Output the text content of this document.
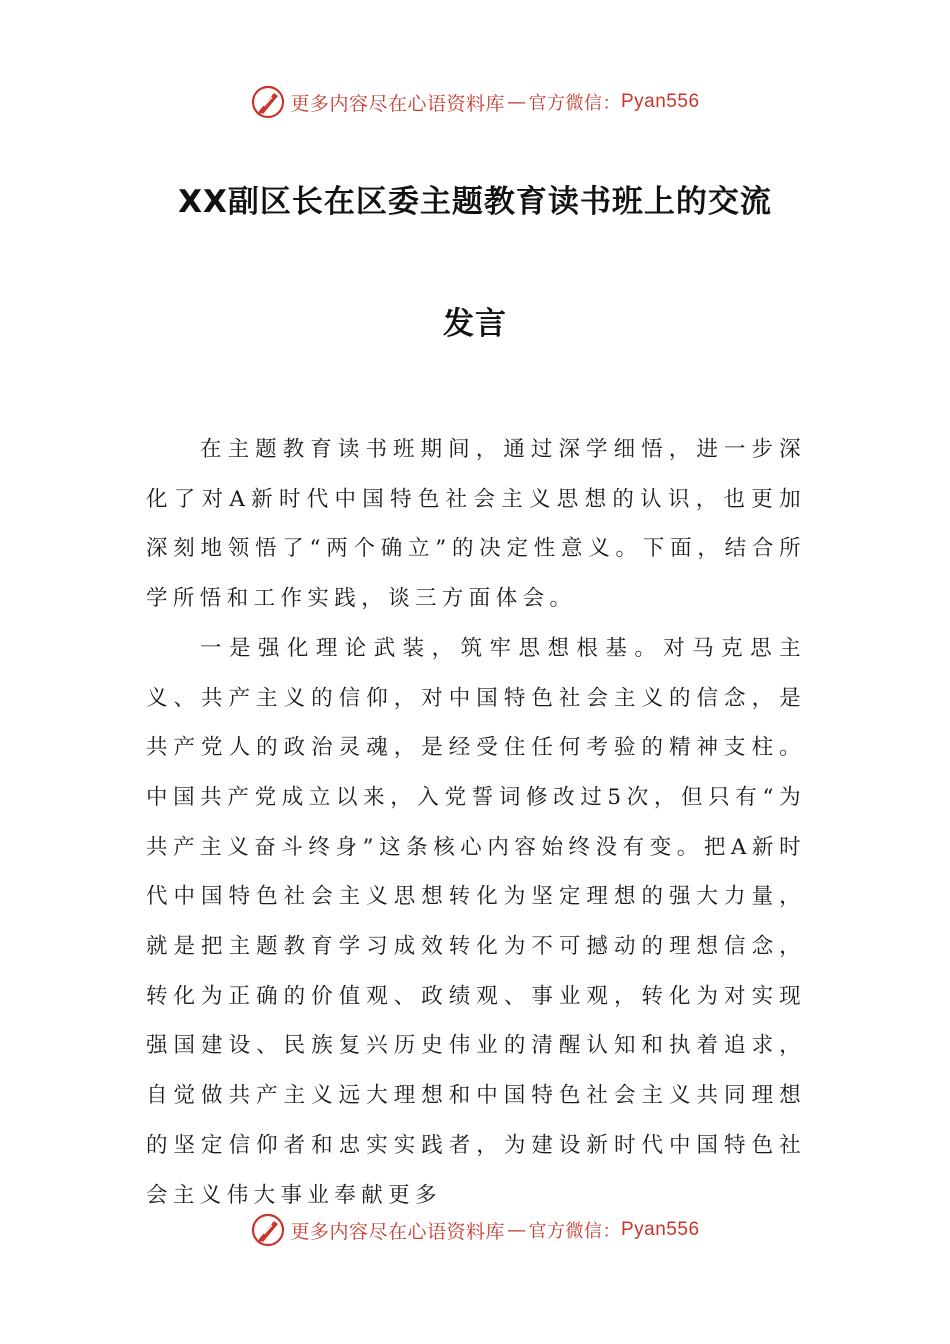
更多内容尽在心语资料库 — 官方微信： Pyan556
XX副区长在区委主题教育读书班上的交流
发言

在主题教育读书班期间，通过深学细悟，进一步深化了对A新时代中国特色社会主义思想的认识，也更加深刻地领悟了“两个确立”的决定性意义。下面，结合所学所悟和工作实践，谈三方面体会。

一是强化理论武装，筑牢思想根基。对马克思主义、共产主义的信仰，对中国特色社会主义的信念，是共产党人的政治灵魂，是经受住任何考验的精神支柱。中国共产党成立以来，入党誓词修改过5次，但只有“为共产主义奋斗终身”这条核心内容始终没有变。把A新时代中国特色社会主义思想转化为坚定理想的强大力量，就是把主题教育学习成效转化为不可撼动的理想信念，转化为正确的价值观、政绩观、事业观，转化为对实现强国建设、民族复兴历史伟业的清醒认知和执着追求，自觉做共产主义远大理想和中国特色社会主义共同理想的坚定信仰者和忠实实践者，为建设新时代中国特色社会主义伟大事业奉献更多

更多内容尽在心语资料库 — 官方微信： Pyan556
